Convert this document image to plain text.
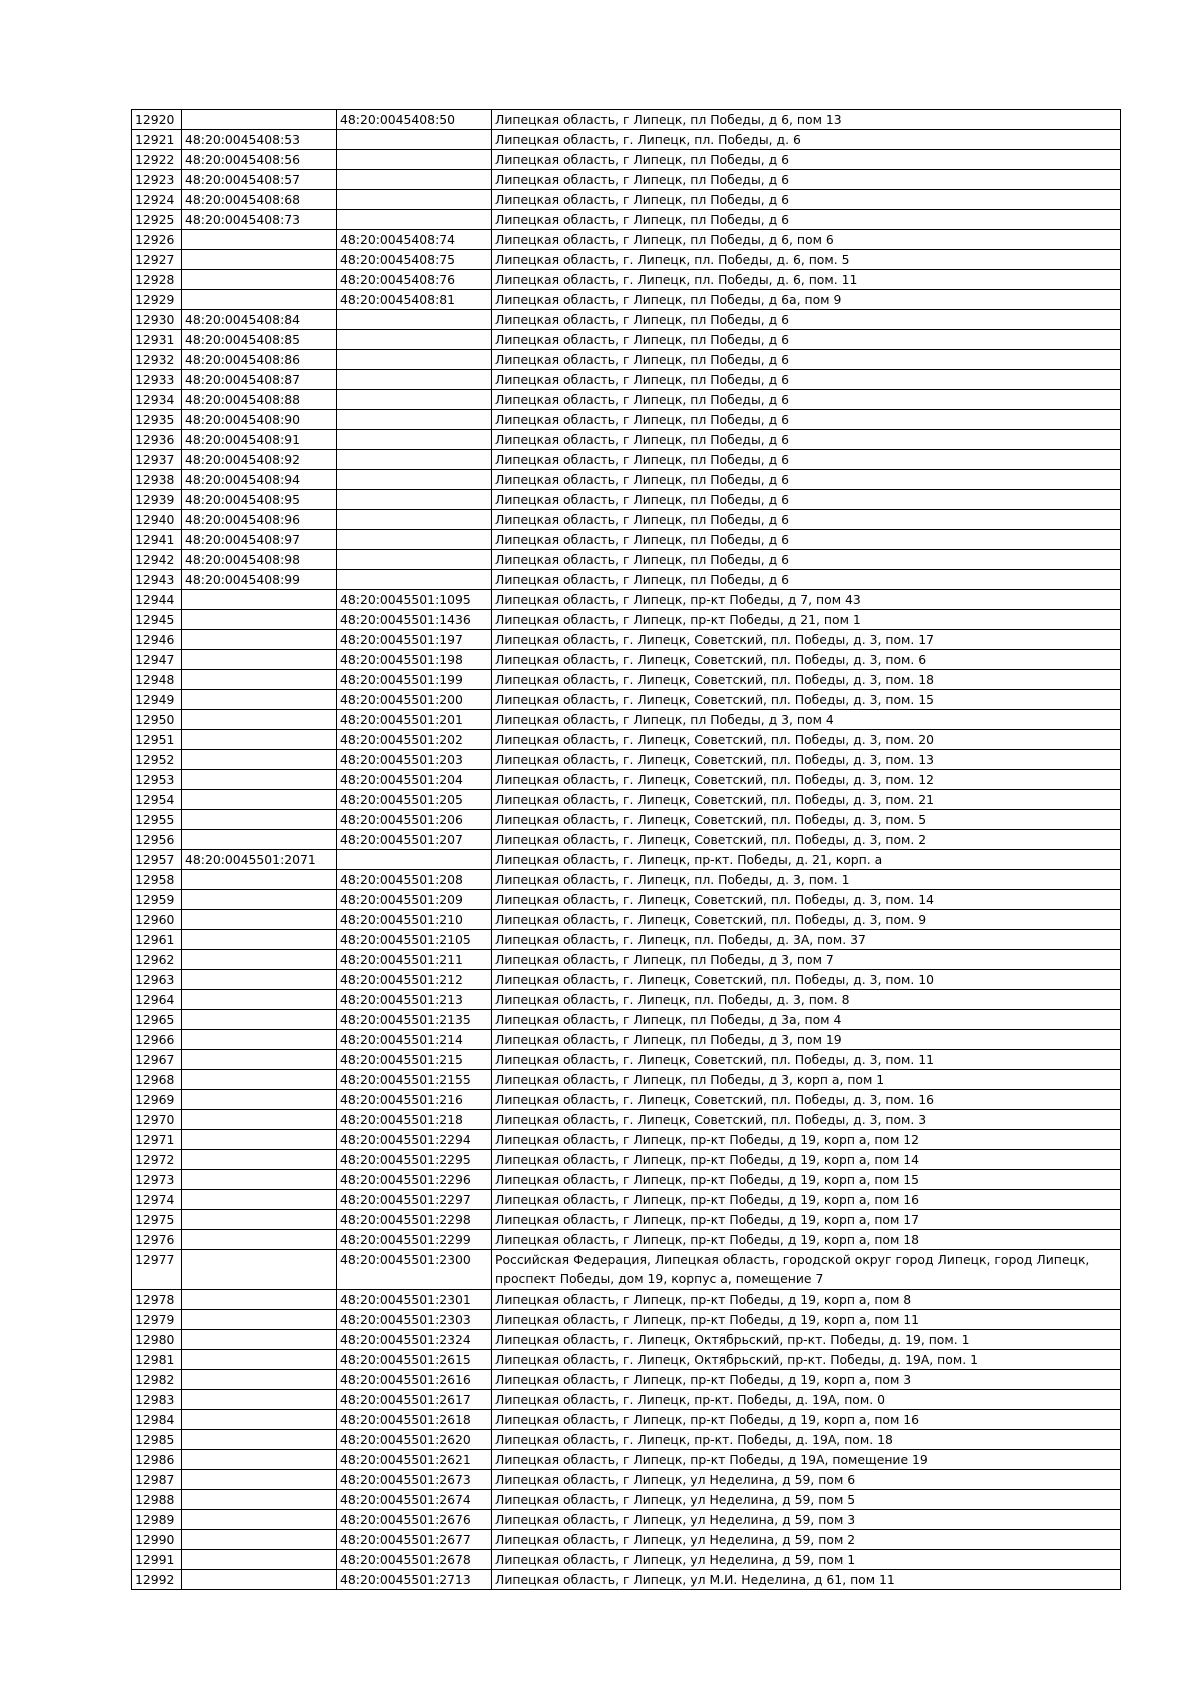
12920		48:20:0045408:50	Липецкая область, г Липецк, пл Победы, д 6, пом 13
12921	48:20:0045408:53		Липецкая область, г. Липецк, пл. Победы, д. 6
12922	48:20:0045408:56		Липецкая область, г Липецк, пл Победы, д 6
12923	48:20:0045408:57		Липецкая область, г Липецк, пл Победы, д 6
12924	48:20:0045408:68		Липецкая область, г Липецк, пл Победы, д 6
12925	48:20:0045408:73		Липецкая область, г Липецк, пл Победы, д 6
12926		48:20:0045408:74	Липецкая область, г Липецк, пл Победы, д 6, пом 6
12927		48:20:0045408:75	Липецкая область, г. Липецк, пл. Победы, д. 6, пом. 5
12928		48:20:0045408:76	Липецкая область, г. Липецк, пл. Победы, д. 6, пом. 11
12929		48:20:0045408:81	Липецкая область, г Липецк, пл Победы, д 6а, пом 9
12930	48:20:0045408:84		Липецкая область, г Липецк, пл Победы, д 6
12931	48:20:0045408:85		Липецкая область, г Липецк, пл Победы, д 6
12932	48:20:0045408:86		Липецкая область, г Липецк, пл Победы, д 6
12933	48:20:0045408:87		Липецкая область, г Липецк, пл Победы, д 6
12934	48:20:0045408:88		Липецкая область, г Липецк, пл Победы, д 6
12935	48:20:0045408:90		Липецкая область, г Липецк, пл Победы, д 6
12936	48:20:0045408:91		Липецкая область, г Липецк, пл Победы, д 6
12937	48:20:0045408:92		Липецкая область, г Липецк, пл Победы, д 6
12938	48:20:0045408:94		Липецкая область, г Липецк, пл Победы, д 6
12939	48:20:0045408:95		Липецкая область, г Липецк, пл Победы, д 6
12940	48:20:0045408:96		Липецкая область, г Липецк, пл Победы, д 6
12941	48:20:0045408:97		Липецкая область, г Липецк, пл Победы, д 6
12942	48:20:0045408:98		Липецкая область, г Липецк, пл Победы, д 6
12943	48:20:0045408:99		Липецкая область, г Липецк, пл Победы, д 6
12944		48:20:0045501:1095	Липецкая область, г Липецк, пр-кт Победы, д 7, пом 43
12945		48:20:0045501:1436	Липецкая область, г Липецк, пр-кт Победы, д 21, пом 1
12946		48:20:0045501:197	Липецкая область, г. Липецк, Советский, пл. Победы, д. 3, пом. 17
12947		48:20:0045501:198	Липецкая область, г. Липецк, Советский, пл. Победы, д. 3, пом. 6
12948		48:20:0045501:199	Липецкая область, г. Липецк, Советский, пл. Победы, д. 3, пом. 18
12949		48:20:0045501:200	Липецкая область, г. Липецк, Советский, пл. Победы, д. 3, пом. 15
12950		48:20:0045501:201	Липецкая область, г Липецк, пл Победы, д 3, пом 4
12951		48:20:0045501:202	Липецкая область, г. Липецк, Советский, пл. Победы, д. 3, пом. 20
12952		48:20:0045501:203	Липецкая область, г. Липецк, Советский, пл. Победы, д. 3, пом. 13
12953		48:20:0045501:204	Липецкая область, г. Липецк, Советский, пл. Победы, д. 3, пом. 12
12954		48:20:0045501:205	Липецкая область, г. Липецк, Советский, пл. Победы, д. 3, пом. 21
12955		48:20:0045501:206	Липецкая область, г. Липецк, Советский, пл. Победы, д. 3, пом. 5
12956		48:20:0045501:207	Липецкая область, г. Липецк, Советский, пл. Победы, д. 3, пом. 2
12957	48:20:0045501:2071		Липецкая область, г. Липецк, пр-кт. Победы, д. 21, корп. а
12958		48:20:0045501:208	Липецкая область, г. Липецк, пл. Победы, д. 3, пом. 1
12959		48:20:0045501:209	Липецкая область, г. Липецк, Советский, пл. Победы, д. 3, пом. 14
12960		48:20:0045501:210	Липецкая область, г. Липецк, Советский, пл. Победы, д. 3, пом. 9
12961		48:20:0045501:2105	Липецкая область, г. Липецк, пл. Победы, д. 3А, пом. 37
12962		48:20:0045501:211	Липецкая область, г Липецк, пл Победы, д 3, пом 7
12963		48:20:0045501:212	Липецкая область, г. Липецк, Советский, пл. Победы, д. 3, пом. 10
12964		48:20:0045501:213	Липецкая область, г. Липецк, пл. Победы, д. 3, пом. 8
12965		48:20:0045501:2135	Липецкая область, г Липецк, пл Победы, д 3а, пом 4
12966		48:20:0045501:214	Липецкая область, г Липецк, пл Победы, д 3, пом 19
12967		48:20:0045501:215	Липецкая область, г. Липецк, Советский, пл. Победы, д. 3, пом. 11
12968		48:20:0045501:2155	Липецкая область, г Липецк, пл Победы, д 3, корп а, пом 1
12969		48:20:0045501:216	Липецкая область, г. Липецк, Советский, пл. Победы, д. 3, пом. 16
12970		48:20:0045501:218	Липецкая область, г. Липецк, Советский, пл. Победы, д. 3, пом. 3
12971		48:20:0045501:2294	Липецкая область, г Липецк, пр-кт Победы, д 19, корп а, пом 12
12972		48:20:0045501:2295	Липецкая область, г Липецк, пр-кт Победы, д 19, корп а, пом 14
12973		48:20:0045501:2296	Липецкая область, г Липецк, пр-кт Победы, д 19, корп а, пом 15
12974		48:20:0045501:2297	Липецкая область, г Липецк, пр-кт Победы, д 19, корп а, пом 16
12975		48:20:0045501:2298	Липецкая область, г Липецк, пр-кт Победы, д 19, корп а, пом 17
12976		48:20:0045501:2299	Липецкая область, г Липецк, пр-кт Победы, д 19, корп а, пом 18
12977		48:20:0045501:2300	Российская Федерация, Липецкая область, городской округ город Липецк, город Липецк, проспект Победы, дом 19, корпус а, помещение 7
12978		48:20:0045501:2301	Липецкая область, г Липецк, пр-кт Победы, д 19, корп а, пом 8
12979		48:20:0045501:2303	Липецкая область, г Липецк, пр-кт Победы, д 19, корп а, пом 11
12980		48:20:0045501:2324	Липецкая область, г. Липецк, Октябрьский, пр-кт. Победы, д. 19, пом. 1
12981		48:20:0045501:2615	Липецкая область, г. Липецк, Октябрьский, пр-кт. Победы, д. 19А, пом. 1
12982		48:20:0045501:2616	Липецкая область, г Липецк, пр-кт Победы, д 19, корп а, пом 3
12983		48:20:0045501:2617	Липецкая область, г. Липецк, пр-кт. Победы, д. 19А, пом. 0
12984		48:20:0045501:2618	Липецкая область, г Липецк, пр-кт Победы, д 19, корп а, пом 16
12985		48:20:0045501:2620	Липецкая область, г. Липецк, пр-кт. Победы, д. 19А, пом. 18
12986		48:20:0045501:2621	Липецкая область, г Липецк, пр-кт Победы, д 19А, помещение 19
12987		48:20:0045501:2673	Липецкая область, г Липецк, ул Неделина, д 59, пом 6
12988		48:20:0045501:2674	Липецкая область, г Липецк, ул Неделина, д 59, пом 5
12989		48:20:0045501:2676	Липецкая область, г Липецк, ул Неделина, д 59, пом 3
12990		48:20:0045501:2677	Липецкая область, г Липецк, ул Неделина, д 59, пом 2
12991		48:20:0045501:2678	Липецкая область, г Липецк, ул Неделина, д 59, пом 1
12992		48:20:0045501:2713	Липецкая область, г Липецк, ул М.И. Неделина, д 61, пом 11
